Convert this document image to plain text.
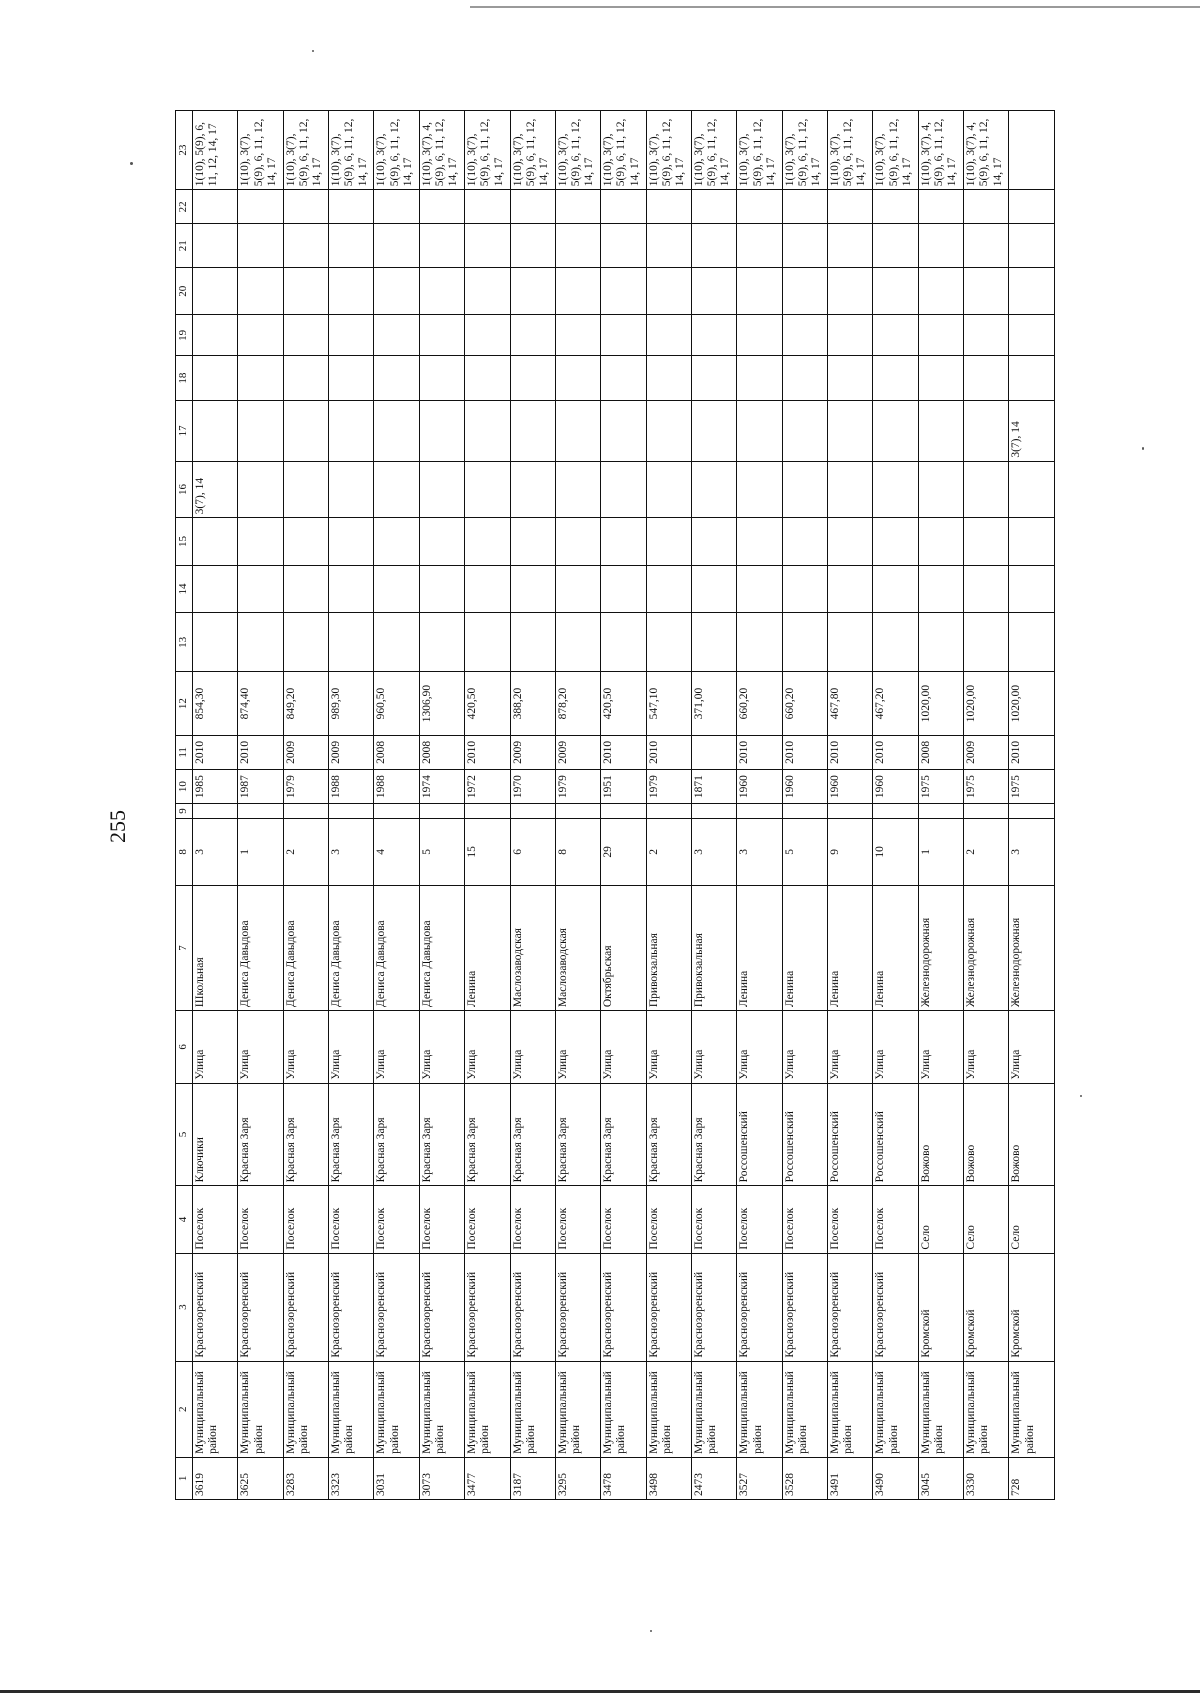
255
1	2	3	4	5	6	7	8	9	10	11	12	13	14	15	16	17	18	19	20	21	22	23
3619	Муниципальный район	Краснозоренский	Поселок	Ключики	Улица	Школьная	3		1985	2010	854,30				3(7), 14							1(10), 5(9), 6, 11, 12, 14, 17
3625	Муниципальный район	Краснозоренский	Поселок	Красная Заря	Улица	Дениса Давыдова	1		1987	2010	874,40											1(10), 3(7), 5(9), 6, 11, 12, 14, 17
3283	Муниципальный район	Краснозоренский	Поселок	Красная Заря	Улица	Дениса Давыдова	2		1979	2009	849,20											1(10), 3(7), 5(9), 6, 11, 12, 14, 17
3323	Муниципальный район	Краснозоренский	Поселок	Красная Заря	Улица	Дениса Давыдова	3		1988	2009	989,30											1(10), 3(7), 5(9), 6, 11, 12, 14, 17
3031	Муниципальный район	Краснозоренский	Поселок	Красная Заря	Улица	Дениса Давыдова	4		1988	2008	960,50											1(10), 3(7), 5(9), 6, 11, 12, 14, 17
3073	Муниципальный район	Краснозоренский	Поселок	Красная Заря	Улица	Дениса Давыдова	5		1974	2008	1306,90											1(10), 3(7), 4, 5(9), 6, 11, 12, 14, 17
3477	Муниципальный район	Краснозоренский	Поселок	Красная Заря	Улица	Ленина	15		1972	2010	420,50											1(10), 3(7), 5(9), 6, 11, 12, 14, 17
3187	Муниципальный район	Краснозоренский	Поселок	Красная Заря	Улица	Маслозаводская	6		1970	2009	388,20											1(10), 3(7), 5(9), 6, 11, 12, 14, 17
3295	Муниципальный район	Краснозоренский	Поселок	Красная Заря	Улица	Маслозаводская	8		1979	2009	878,20											1(10), 3(7), 5(9), 6, 11, 12, 14, 17
3478	Муниципальный район	Краснозоренский	Поселок	Красная Заря	Улица	Октябрьская	29		1951	2010	420,50											1(10), 3(7), 5(9), 6, 11, 12, 14, 17
3498	Муниципальный район	Краснозоренский	Поселок	Красная Заря	Улица	Привокзальная	2		1979	2010	547,10											1(10), 3(7), 5(9), 6, 11, 12, 14, 17
2473	Муниципальный район	Краснозоренский	Поселок	Красная Заря	Улица	Привокзальная	3		1871		371,00											1(10), 3(7), 5(9), 6, 11, 12, 14, 17
3527	Муниципальный район	Краснозоренский	Поселок	Россошенский	Улица	Ленина	3		1960	2010	660,20											1(10), 3(7), 5(9), 6, 11, 12, 14, 17
3528	Муниципальный район	Краснозоренский	Поселок	Россошенский	Улица	Ленина	5		1960	2010	660,20											1(10), 3(7), 5(9), 6, 11, 12, 14, 17
3491	Муниципальный район	Краснозоренский	Поселок	Россошенский	Улица	Ленина	9		1960	2010	467,80											1(10), 3(7), 5(9), 6, 11, 12, 14, 17
3490	Муниципальный район	Краснозоренский	Поселок	Россошенский	Улица	Ленина	10		1960	2010	467,20											1(10), 3(7), 5(9), 6, 11, 12, 14, 17
3045	Муниципальный район	Кромской	Село	Вожово	Улица	Железнодорожная	1		1975	2008	1020,00											1(10), 3(7), 4, 5(9), 6, 11, 12, 14, 17
3330	Муниципальный район	Кромской	Село	Вожово	Улица	Железнодорожная	2		1975	2009	1020,00											1(10), 3(7), 4, 5(9), 6, 11, 12, 14, 17
728	Муниципальный район	Кромской	Село	Вожово	Улица	Железнодорожная	3		1975	2010	1020,00					3(7), 14						
